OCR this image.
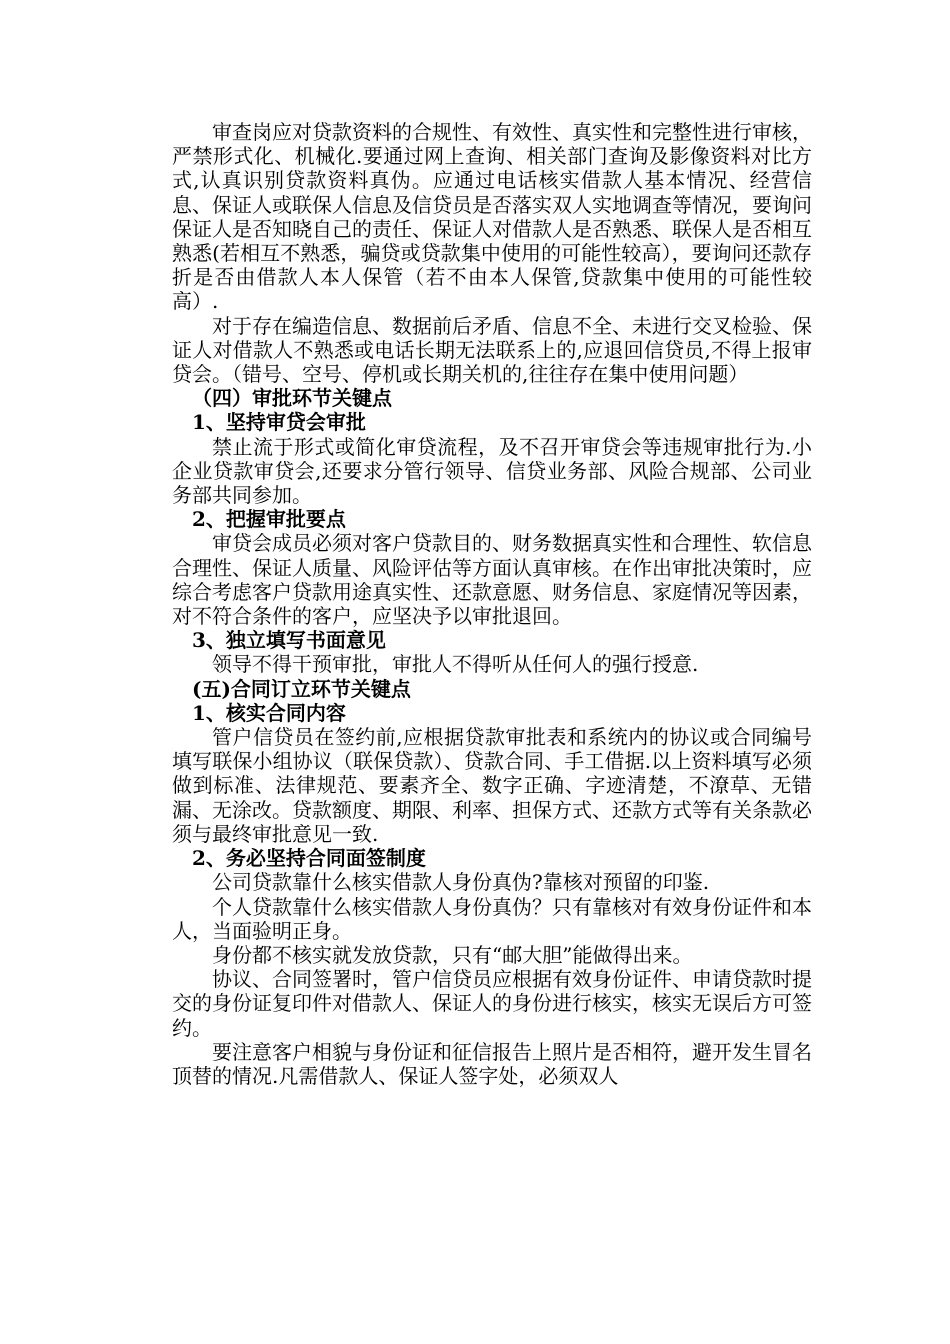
审查岗应对贷款资料的合规性、有效性、真实性和完整性进行审核，严禁形式化、机械化.要通过网上查询、相关部门查询及影像资料对比方式,认真识别贷款资料真伪。应通过电话核实借款人基本情况、经营信息、保证人或联保人信息及信贷员是否落实双人实地调查等情况，要询问保证人是否知晓自己的责任、保证人对借款人是否熟悉、联保人是否相互熟悉(若相互不熟悉，骗贷或贷款集中使用的可能性较高），要询问还款存折是否由借款人本人保管（若不由本人保管,贷款集中使用的可能性较高）.

对于存在编造信息、数据前后矛盾、信息不全、未进行交叉检验、保证人对借款人不熟悉或电话长期无法联系上的,应退回信贷员,不得上报审贷会。（错号、空号、停机或长期关机的,往往存在集中使用问题）

（四）审批环节关键点

1、坚持审贷会审批

禁止流于形式或简化审贷流程，及不召开审贷会等违规审批行为.小企业贷款审贷会,还要求分管行领导、信贷业务部、风险合规部、公司业务部共同参加。

2、把握审批要点

审贷会成员必须对客户贷款目的、财务数据真实性和合理性、软信息合理性、保证人质量、风险评估等方面认真审核。在作出审批决策时，应综合考虑客户贷款用途真实性、还款意愿、财务信息、家庭情况等因素，对不符合条件的客户，应坚决予以审批退回。

3、独立填写书面意见

领导不得干预审批，审批人不得听从任何人的强行授意.

(五)合同订立环节关键点

1、核实合同内容

管户信贷员在签约前,应根据贷款审批表和系统内的协议或合同编号填写联保小组协议（联保贷款）、贷款合同、手工借据.以上资料填写必须做到标准、法律规范、要素齐全、数字正确、字迹清楚，不潦草、无错漏、无涂改。贷款额度、期限、利率、担保方式、还款方式等有关条款必须与最终审批意见一致.

2、务必坚持合同面签制度

公司贷款靠什么核实借款人身份真伪?靠核对预留的印鉴.

个人贷款靠什么核实借款人身份真伪？只有靠核对有效身份证件和本人，当面验明正身。

身份都不核实就发放贷款，只有“邮大胆”能做得出来。

协议、合同签署时，管户信贷员应根据有效身份证件、申请贷款时提交的身份证复印件对借款人、保证人的身份进行核实，核实无误后方可签约。

要注意客户相貌与身份证和征信报告上照片是否相符，避开发生冒名顶替的情况.凡需借款人、保证人签字处，必须双人
